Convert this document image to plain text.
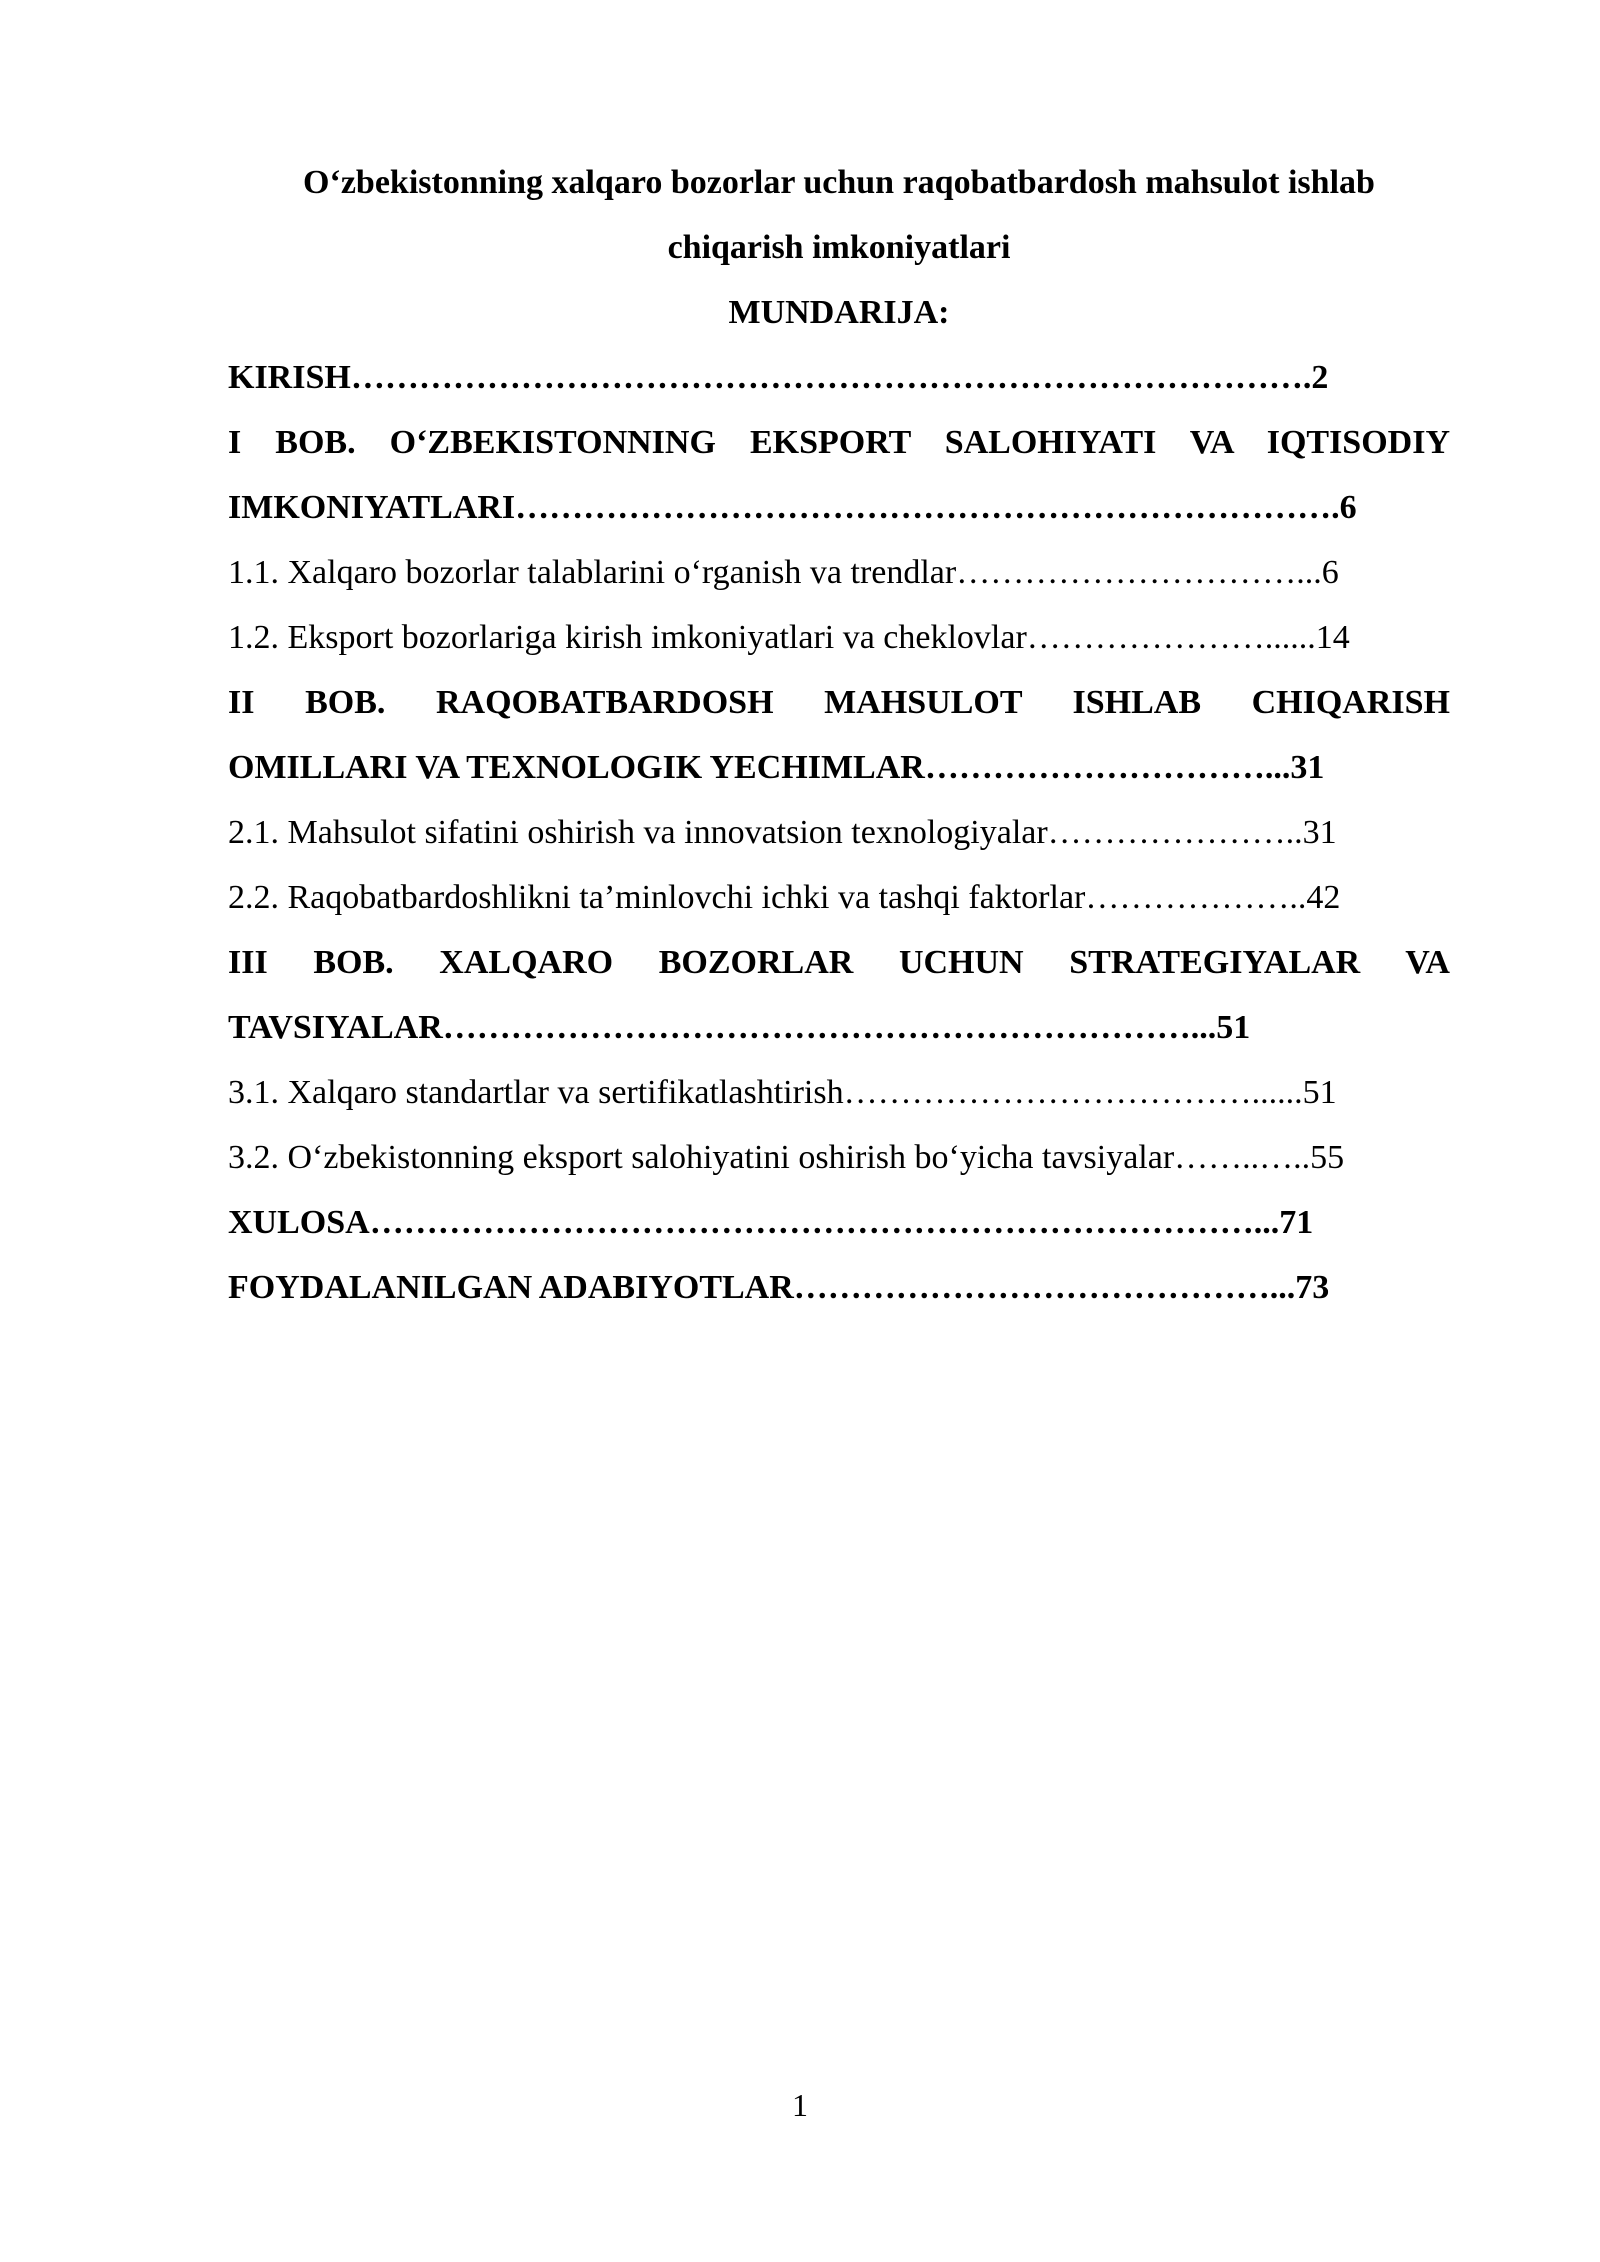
O‘zbekistonning xalqaro bozorlar uchun raqobatbardosh mahsulot ishlab

chiqarish imkoniyatlari

MUNDARIJA:

KIRISH………………………………………………………………………….2
I BOB. O‘ZBEKISTONNING EKSPORT SALOHIYATI VA IQTISODIY
IMKONIYATLARI……………………………………………………………….6
1.1. Xalqaro bozorlar talablarini o‘rganish va trendlar…………………………...6
1.2. Eksport bozorlariga kirish imkoniyatlari va cheklovlar…………………......14
II BOB. RAQOBATBARDOSH MAHSULOT ISHLAB CHIQARISH
OMILLARI VA TEXNOLOGIK YECHIMLAR…………………………...31
2.1. Mahsulot sifatini oshirish va innovatsion texnologiyalar…………………..31
2.2. Raqobatbardoshlikni ta’minlovchi ichki va tashqi faktorlar………………..42
III BOB. XALQARO BOZORLAR UCHUN STRATEGIYALAR VA
TAVSIYALAR…………………………………………………………...51
3.1. Xalqaro standartlar va sertifikatlashtirish………………………………......51
3.2. O‘zbekistonning eksport salohiyatini oshirish bo‘yicha tavsiyalar……..…..55
XULOSA……………………………………………………………………...71
FOYDALANILGAN ADABIYOTLAR……………………………………...73
1
